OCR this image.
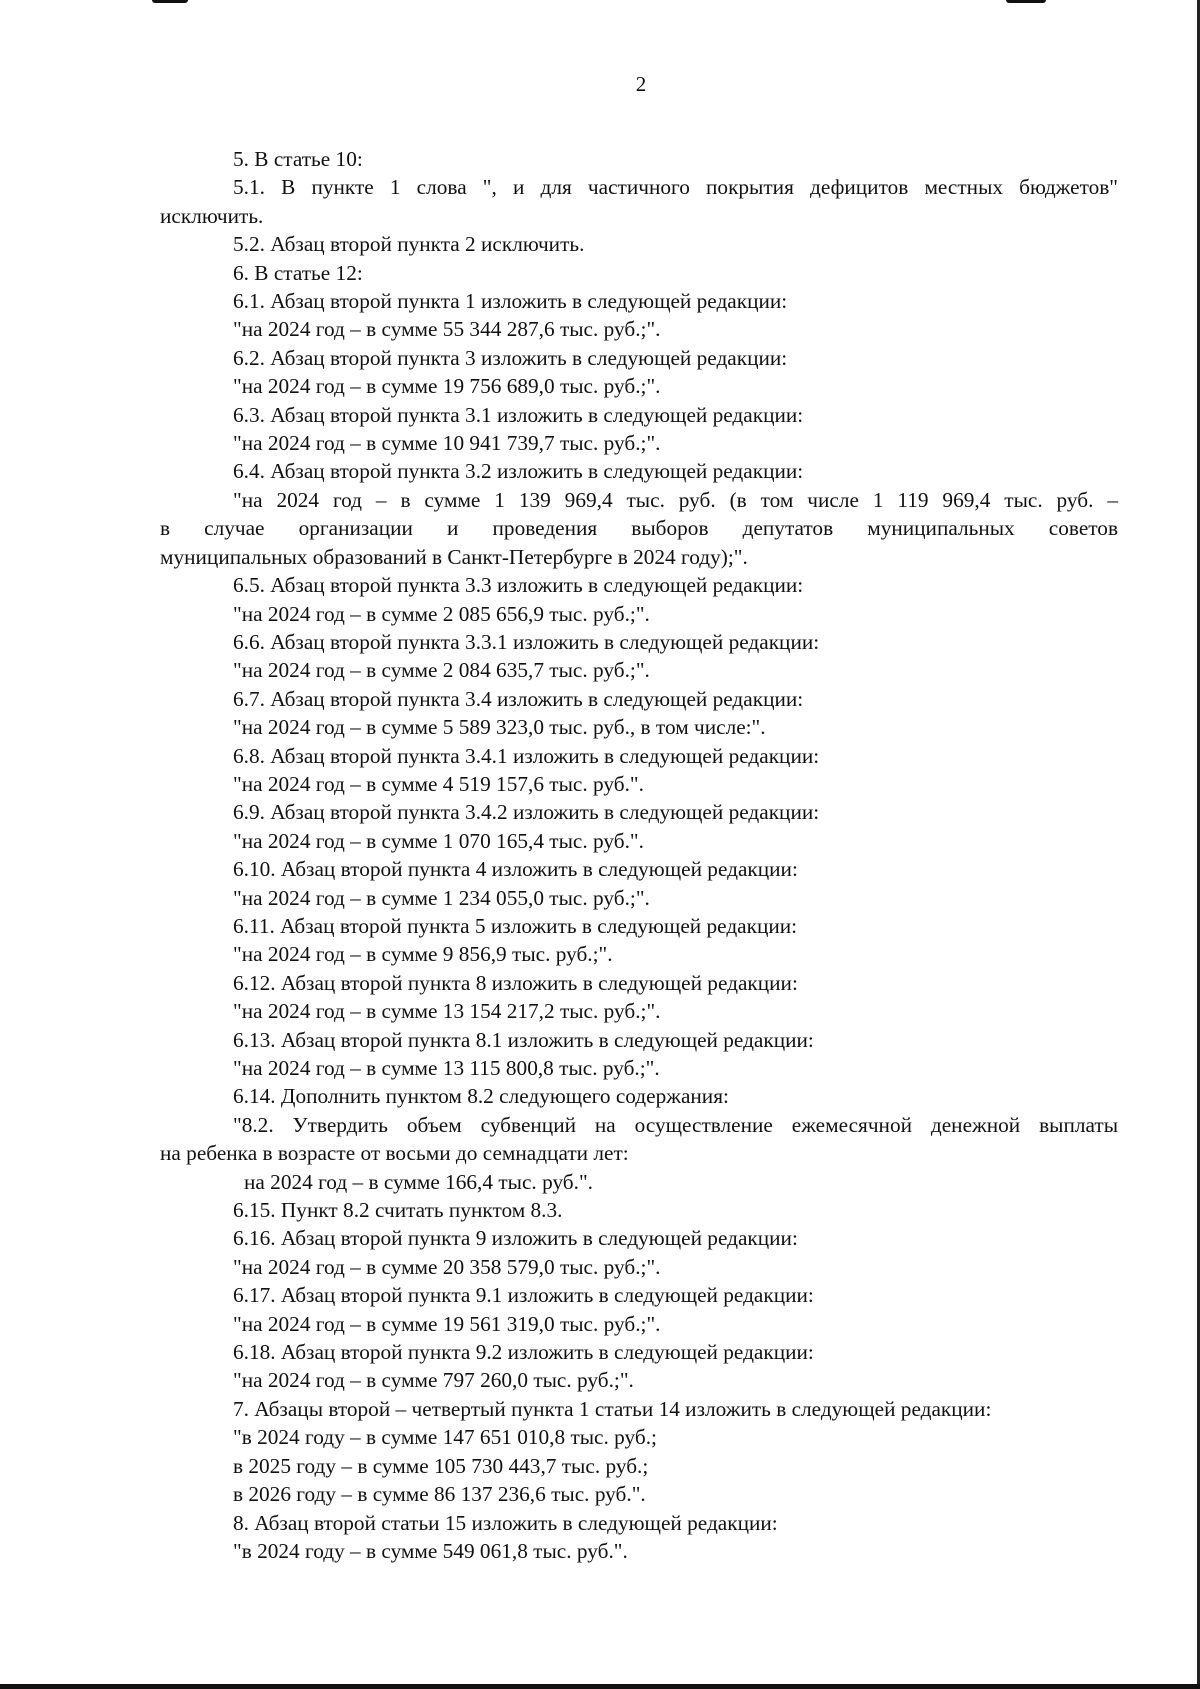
2
5. В статье 10:
5.1. В пункте 1 слова ", и для частичного покрытия дефицитов местных бюджетов"
исключить.
5.2. Абзац второй пункта 2 исключить.
6. В статье 12:
6.1. Абзац второй пункта 1 изложить в следующей редакции:
"на 2024 год – в сумме 55 344 287,6 тыс. руб.;".
6.2. Абзац второй пункта 3 изложить в следующей редакции:
"на 2024 год – в сумме 19 756 689,0 тыс. руб.;".
6.3. Абзац второй пункта 3.1 изложить в следующей редакции:
"на 2024 год – в сумме 10 941 739,7 тыс. руб.;".
6.4. Абзац второй пункта 3.2 изложить в следующей редакции:
"на 2024 год – в сумме 1 139 969,4 тыс. руб. (в том числе 1 119 969,4 тыс. руб. –
в случае организации и проведения выборов депутатов муниципальных советов
муниципальных образований в Санкт-Петербурге в 2024 году);".
6.5. Абзац второй пункта 3.3 изложить в следующей редакции:
"на 2024 год – в сумме 2 085 656,9 тыс. руб.;".
6.6. Абзац второй пункта 3.3.1 изложить в следующей редакции:
"на 2024 год – в сумме 2 084 635,7 тыс. руб.;".
6.7. Абзац второй пункта 3.4 изложить в следующей редакции:
"на 2024 год – в сумме 5 589 323,0 тыс. руб., в том числе:".
6.8. Абзац второй пункта 3.4.1 изложить в следующей редакции:
"на 2024 год – в сумме 4 519 157,6 тыс. руб.".
6.9. Абзац второй пункта 3.4.2 изложить в следующей редакции:
"на 2024 год – в сумме 1 070 165,4 тыс. руб.".
6.10. Абзац второй пункта 4 изложить в следующей редакции:
"на 2024 год – в сумме 1 234 055,0 тыс. руб.;".
6.11. Абзац второй пункта 5 изложить в следующей редакции:
"на 2024 год – в сумме 9 856,9 тыс. руб.;".
6.12. Абзац второй пункта 8 изложить в следующей редакции:
"на 2024 год – в сумме 13 154 217,2 тыс. руб.;".
6.13. Абзац второй пункта 8.1 изложить в следующей редакции:
"на 2024 год – в сумме 13 115 800,8 тыс. руб.;".
6.14. Дополнить пунктом 8.2 следующего содержания:
"8.2. Утвердить объем субвенций на осуществление ежемесячной денежной выплаты
на ребенка в возрасте от восьми до семнадцати лет:
на 2024 год – в сумме 166,4 тыс. руб.".
6.15. Пункт 8.2 считать пунктом 8.3.
6.16. Абзац второй пункта 9 изложить в следующей редакции:
"на 2024 год – в сумме 20 358 579,0 тыс. руб.;".
6.17. Абзац второй пункта 9.1 изложить в следующей редакции:
"на 2024 год – в сумме 19 561 319,0 тыс. руб.;".
6.18. Абзац второй пункта 9.2 изложить в следующей редакции:
"на 2024 год – в сумме 797 260,0 тыс. руб.;".
7. Абзацы второй – четвертый пункта 1 статьи 14 изложить в следующей редакции:
"в 2024 году – в сумме 147 651 010,8 тыс. руб.;
в 2025 году – в сумме 105 730 443,7 тыс. руб.;
в 2026 году – в сумме 86 137 236,6 тыс. руб.".
8. Абзац второй статьи 15 изложить в следующей редакции:
"в 2024 году – в сумме 549 061,8 тыс. руб.".
